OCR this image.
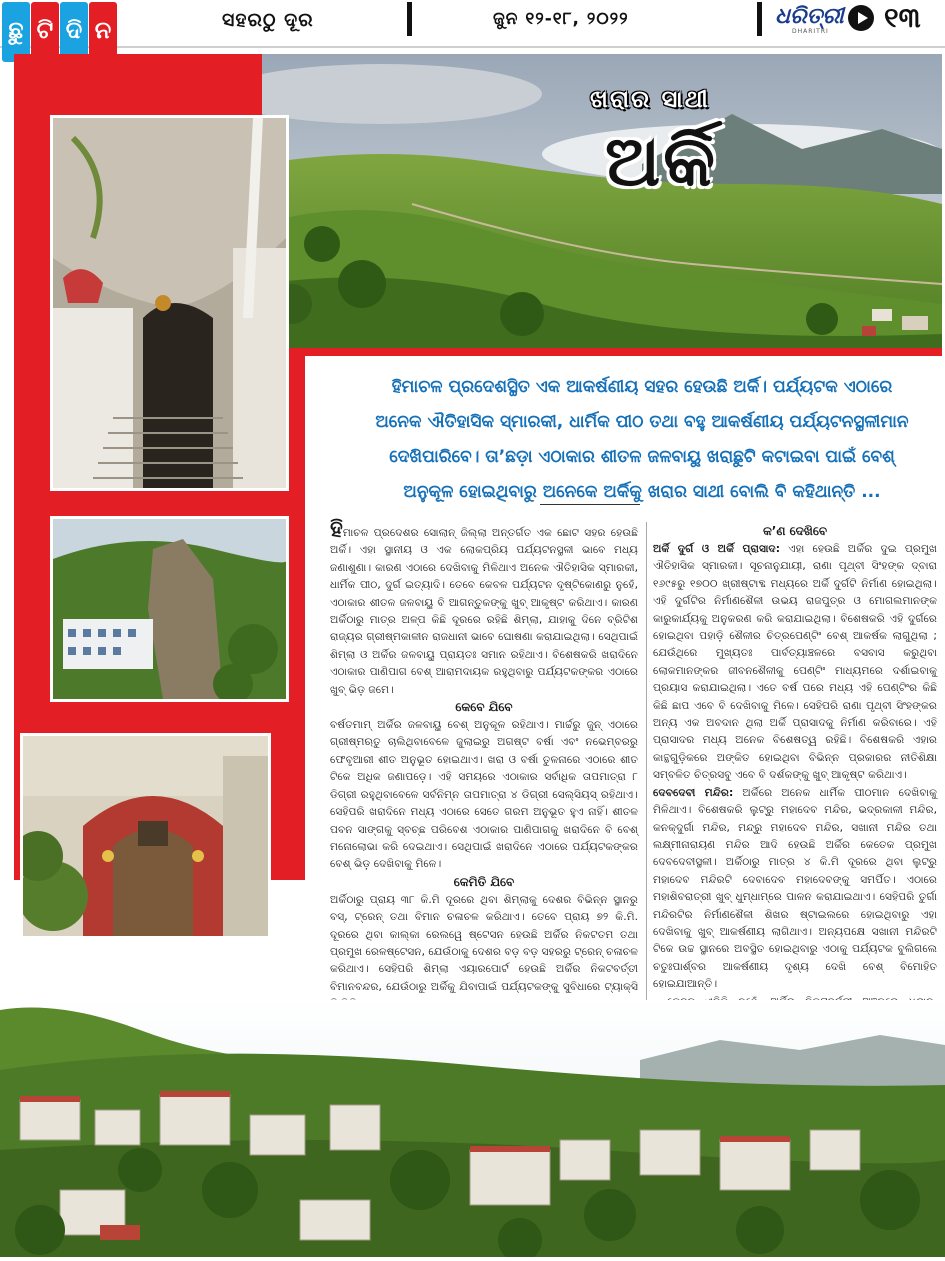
ଛୁ ଟି ଦି ନ	ସହରଠୁ ଦୂର	ଜୁନ ୧୨-୧୮, ୨୦୨୨	ଧରିତ୍ରୀ
DHARITRI ୧୩
ଖରାର ସାଥୀ
ଅର୍କି
ହିମାଚଳ ପ୍ରଦେଶସ୍ଥିତ ଏକ ଆକର୍ଷଣୀୟ ସହର ହେଉଛି ଅର୍କି। ପର୍ଯ୍ୟଟକ ଏଠାରେ ଅନେକ ଐତିହାସିକ ସ୍ମାରକୀ, ଧାର୍ମିକ ପୀଠ ତଥା ବହୁ ଆକର୍ଷଣୀୟ ପର୍ଯ୍ୟଟନସ୍ଥଳୀମାନ ଦେଖିପାରିବେ। ତା’ଛଡ଼ା ଏଠାକାର ଶୀତଳ ଜଳବାୟୁ ଖରାଛୁଟି କଟାଇବା ପାଇଁ ବେଶ୍ ଅନୁକୂଳ ହୋଇଥିବାରୁ ଅନେକେ ଅର୍କିକୁ ଖରାର ସାଥୀ ବୋଲି ବି କହିଥାନ୍ତି ...

ହିମାଚଳ ପ୍ରଦେଶର ସୋଲାନ୍ ଜିଲ୍ଲା ଅନ୍ତର୍ଗତ ଏକ ଛୋଟ ସହର ହେଉଛି ଅର୍କି। ଏହା ସ୍ଥାନୀୟ ଓ ଏକ ଲୋକପ୍ରିୟ ପର୍ଯ୍ୟଟନସ୍ଥଳୀ ଭାବେ ମଧ୍ୟ ଜଣାଶୁଣା। କାରଣ ଏଠାରେ ଦେଖିବାକୁ ମିଳିଥାଏ ଅନେକ ଐତିହାସିକ ସ୍ମାରକୀ, ଧାର୍ମିକ ପୀଠ, ଦୁର୍ଗ ଇତ୍ୟାଦି। ତେବେ କେବଳ ପର୍ଯ୍ୟଟନ ଦୃଷ୍ଟିକୋଣରୁ ନୁହେଁ, ଏଠାକାର ଶୀତଳ ଜଳବାୟୁ ବି ଆଗନ୍ତୁକଙ୍କୁ ଖୁବ୍ ଆକୃଷ୍ଟ କରିଥାଏ। କାରଣ ଅର୍କିଠାରୁ ମାତ୍ର ଅଳ୍ପ କିଛି ଦୂରରେ ରହିଛି ଶିମ୍ଲା, ଯାହାକୁ ଦିନେ ବ୍ରିଟିଶ ରାଜ୍ୟର ଗ୍ରୀଷ୍ମକାଳୀନ ରାଜଧାନୀ ଭାବେ ଘୋଷଣା କରାଯାଇଥିଲା। ସେଥିପାଇଁ ଶିମ୍ଲା ଓ ଅର୍କିର ଜଳବାୟୁ ପ୍ରାୟତଃ ସମାନ ରହିଥାଏ। ବିଶେଷକରି ଖରାଦିନେ ଏଠାକାର ପାଣିପାଗ ବେଶ୍ ଆରାମଦାୟକ ରହୁଥିବାରୁ ପର୍ଯ୍ୟଟକଙ୍କର ଏଠାରେ ଖୁବ୍ ଭିଡ଼ ଜମେ।

କେବେ ଯିବେ

ବର୍ଷତମାମ୍ ଅର୍କିର ଜଳବାୟୁ ବେଶ୍ ଅନୁକୂଳ ରହିଥାଏ। ମାର୍ଚ୍ଚରୁ ଜୁନ୍ ଏଠାରେ ଗ୍ରୀଷ୍ମଋତୁ ଚାଲିଥିବାବେଳେ ଜୁଲାଇରୁ ଅଗଷ୍ଟ ବର୍ଷା ଏବଂ ନଭେମ୍ବରରୁ ଫେବୃଆରୀ ଶୀତ ଅନୁଭୂତ ହୋଇଥାଏ। ଖରା ଓ ବର୍ଷା ତୁଳନାରେ ଏଠାରେ ଶୀତ ଟିକେ ଅଧିକ ଜଣାପଡ଼େ। ଏହି ସମୟରେ ଏଠାକାର ସର୍ବାଧିକ ତାପମାତ୍ରା ୮ ଡିଗ୍ରୀ ରହୁଥିବାବେଳେ ସର୍ବନିମ୍ନ ତାପମାତ୍ରା ୪ ଡିଗ୍ରୀ ସେଲ୍ସିୟସ୍ ରହିଥାଏ। ସେହିପରି ଖରାଦିନେ ମଧ୍ୟ ଏଠାରେ ସେତେ ଗରମ ଅନୁଭୂତ ହୁଏ ନାହିଁ। ଶୀତଳ ପବନ ସାଙ୍ଗକୁ ସ୍ବଚ୍ଛ ପରିବେଶ ଏଠାକାର ପାଣିପାଗକୁ ଖରାଦିନେ ବି ବେଶ୍ ମନୋଲୋଭା କରି ଦେଇଥାଏ। ସେଥିପାଇଁ ଖରାଦିନେ ଏଠାରେ ପର୍ଯ୍ୟଟକଙ୍କର ବେଶ୍ ଭିଡ଼ ଦେଖିବାକୁ ମିଳେ।

କେମିତି ଯିବେ

ଅର୍କିଠାରୁ ପ୍ରାୟ ୩୮ କି.ମି ଦୂରରେ ଥିବା ଶିମ୍ଲାକୁ ଦେଶର ବିଭିନ୍ନ ସ୍ଥାନରୁ ବସ୍, ଟ୍ରେନ୍ ତଥା ବିମାନ ଚଳାଚଳ କରିଥାଏ। ତେବେ ପ୍ରାୟ ୭୨ କି.ମି. ଦୂରରେ ଥିବା କାଲ୍କା ରେଲୱେ ଷ୍ଟେସନ ହେଉଛି ଅର୍କିର ନିକଟତମ ତଥା ପ୍ରମୁଖ ରେଳଷ୍ଟେସନ, ଯେଉଁଠାକୁ ଦେଶର ବଡ଼ ବଡ଼ ସହରରୁ ଟ୍ରେନ୍ ଚଳାଚଳ କରିଥାଏ। ସେହିପରି ଶିମ୍ଲା ଏୟାରପୋର୍ଟ ହେଉଛି ଅର୍କିର ନିକଟବର୍ତ୍ତୀ ବିମାନବନ୍ଦର, ଯେଉଁଠାରୁ ଅର୍କିକୁ ଯିବାପାଇଁ ପର୍ଯ୍ୟଟକଙ୍କୁ ସୁବିଧାରେ ଟ୍ୟାକ୍ସି

କ’ଣ ଦେଖିବେ

ଅର୍କି ଦୁର୍ଗ ଓ ଅର୍କି ପ୍ରାସାଦ: ଏହା ହେଉଛି ଅର୍କିର ଦୁଇ ପ୍ରମୁଖ ଐତିହାସିକ ସ୍ମାରକୀ। ସୂଚନାନୁଯାୟୀ, ରାଣା ପୃଥ୍ବୀ ସିଂହଙ୍କ ଦ୍ବାରା ୧୬୯୫ରୁ ୧୭୦୦ ଖ୍ରୀଷ୍ଟାବ୍ଦ ମଧ୍ୟରେ ଅର୍କି ଦୁର୍ଗଟି ନିର୍ମାଣ ହୋଇଥିଲା। ଏହି ଦୁର୍ଗଟିର ନିର୍ମାଣଶୈଳୀ ଉଭୟ ରାଜପୁତ୍ର ଓ ମୋଗଲମାନଙ୍କ କାରୁକାର୍ଯ୍ୟକୁ ଅନୁକରଣ କରି କରାଯାଇଥିଲା। ବିଶେଷକରି ଏହି ଦୁର୍ଗରେ ହୋଇଥିବା ପହାଡ଼ି ଶୈଳୀର ଚିତ୍ରପେଣ୍ଟିଂ ବେଶ୍ ଆକର୍ଷକ ଲାଗୁଥିଲା ; ଯେଉଁଥିରେ ମୁଖ୍ୟତଃ ପାର୍ବତ୍ୟାଞ୍ଚଳରେ ବସବାସ କରୁଥିବା ଲୋକମାନଙ୍କର ଜୀବନଶୈଳୀକୁ ପେଣ୍ଟିଂ ମାଧ୍ୟମରେ ଦର୍ଶାଇବାକୁ ପ୍ରୟାସ କରାଯାଇଥିଲା। ଏତେ ବର୍ଷ ପରେ ମଧ୍ୟ ଏହି ପେଣ୍ଟିଂର କିଛି କିଛି ଛାପ ଏବେ ବି ଦେଖିବାକୁ ମିଳେ। ସେହିପରି ରାଣା ପୃଥ୍ବୀ ସିଂହଙ୍କର ଅନ୍ୟ ଏକ ଅବଦାନ ଥିଲା ଅର୍କି ପ୍ରାସାଦକୁ ନିର୍ମାଣ କରିବାରେ। ଏହି ପ୍ରାସାଦର ମଧ୍ୟ ଅନେକ ବିଶେଷତ୍ୱ ରହିଛି। ବିଶେଷକରି ଏହାର କାନ୍ଥଗୁଡ଼ିକରେ ଅଙ୍କିତ ହୋଇଥିବା ବିଭିନ୍ନ ପ୍ରକାରର ନୀତିଶିକ୍ଷା ସମ୍ବଳିତ ଚିତ୍ରସବୁ ଏବେ ବି ଦର୍ଶକଙ୍କୁ ଖୁବ୍ ଆକୃଷ୍ଟ କରିଥାଏ।

ଦେବଦେବୀ ମନ୍ଦିର: ଅର୍କିରେ ଅନେକ ଧାର୍ମିକ ପୀଠମାନ ଦେଖିବାକୁ ମିଳିଥାଏ। ବିଶେଷକରି ଲୁଟ୍ରୁ ମହାଦେବ ମନ୍ଦିର, ଭଦ୍ରକାଳୀ ମନ୍ଦିର, କନକ୍ଦୁର୍ଗା ମନ୍ଦିର, ମନ୍ଦ୍ରୁ ମହାଦେବ ମନ୍ଦିର, ସଖାନୀ ମନ୍ଦିର ତଥା ଲକ୍ଷ୍ମୀନାରାୟଣ ମନ୍ଦିର ଆଦି ହେଉଛି ଅର୍କିର କେତେକ ପ୍ରମୁଖ ଦେବଦେବୀସ୍ଥଳୀ। ଅର୍କିଠାରୁ ମାତ୍ର ୪ କି.ମି ଦୂରରେ ଥିବା ଲୁଟ୍ରୁ ମହାଦେବ ମନ୍ଦିରଟି ଦେବାଦେବ ମହାଦେବଙ୍କୁ ସମର୍ପିତ। ଏଠାରେ ମହାଶିବରାତ୍ରୀ ଖୁବ୍ ଧୁମ୍ଧାମ୍‌ରେ ପାଳନ କରାଯାଇଥାଏ। ସେହିପରି ତୁର୍ଗା ମନ୍ଦିରଟିର ନିର୍ମାଣଶୈଳୀ ଶିଖର ଷ୍ଟାଇଲରେ ହୋଇଥିବାରୁ ଏହା ଦେଖିବାକୁ ଖୁବ୍ ଆକର୍ଷଣୀୟ ଲାଗିଥାଏ। ଅନ୍ୟପକ୍ଷେ ସଖାନୀ ମନ୍ଦିରଟି ଟିକେ ଉଚ୍ଚ ସ୍ଥାନରେ ଅବସ୍ଥିତ ହୋଇଥିବାରୁ ଏଠାକୁ ପର୍ଯ୍ୟଟକ ବୁଲିଗଲେ ଚତୁଃପାର୍ଶ୍ବର ଆକର୍ଷଣୀୟ ଦୃଶ୍ୟ ଦେଖି ବେଶ୍ ବିମୋହିତ ହୋଇଯାଆନ୍ତି।
